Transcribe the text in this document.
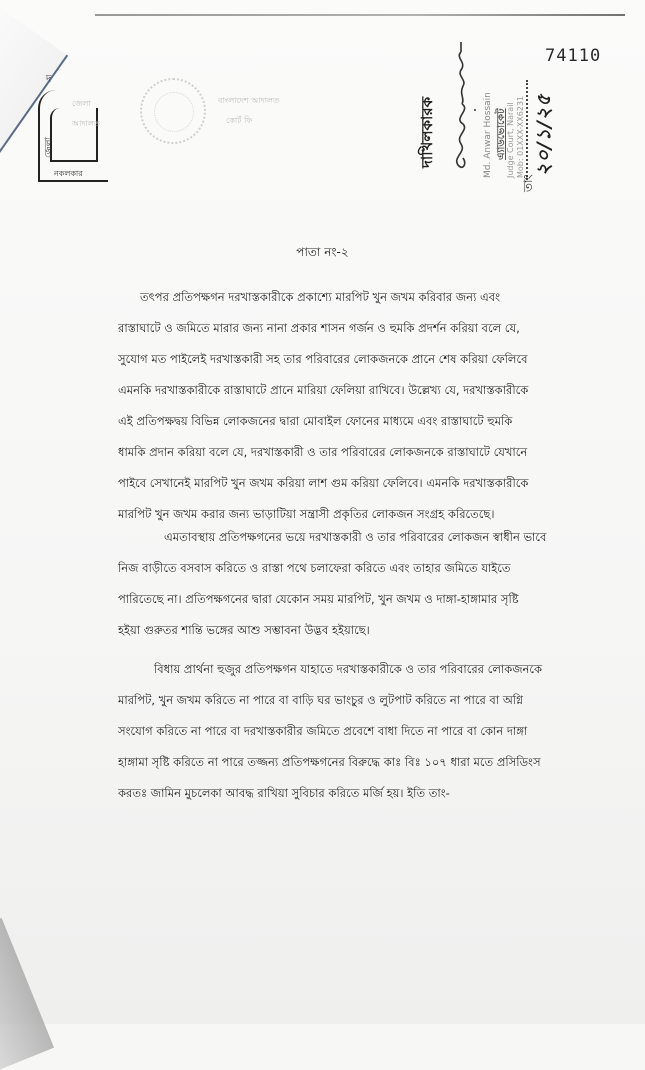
দ
জেলা
নকলকার
জেলা
আদালত
বাংলাদেশ আদালত
কোর্ট ফি	দাখিলকারক	Md. Anwar Hossain এ্যাডভোকেট Judge Court, Narail Mob: 01XXX-XX6231
তাং
২০/১/২৫
74110
পাতা নং-২
তৎপর প্রতিপক্ষগন দরখাস্তকারীকে প্রকাশ্যে মারপিট খুন জখম করিবার জন্য এবং
রাস্তাঘাটে ও জমিতে মারার জন্য নানা প্রকার শাসন গর্জন ও হুমকি প্রদর্শন করিয়া বলে যে,
সুযোগ মত পাইলেই দরখাস্তকারী সহ তার পরিবারের লোকজনকে প্রানে শেষ করিয়া ফেলিবে
এমনকি দরখাস্তকারীকে রাস্তাঘাটে প্রানে মারিয়া ফেলিয়া রাখিবে। উল্লেখ্য যে, দরখাস্তকারীকে
এই প্রতিপক্ষদ্বয় বিভিন্ন লোকজনের দ্বারা মোবাইল ফোনের মাধ্যমে এবং রাস্তাঘাটে হুমকি
ধামকি প্রদান করিয়া বলে যে, দরখাস্তকারী ও তার পরিবারের লোকজনকে রাস্তাঘাটে যেখানে
পাইবে সেখানেই মারপিট খুন জখম করিয়া লাশ গুম করিয়া ফেলিবে। এমনকি দরখাস্তকারীকে
মারপিট খুন জখম করার জন্য ভাড়াটিয়া সন্ত্রাসী প্রকৃতির লোকজন সংগ্রহ করিতেছে।
এমতাবস্থায় প্রতিপক্ষগনের ভয়ে দরখাস্তকারী ও তার পরিবারের লোকজন স্বাধীন ভাবে
নিজ বাড়ীতে বসবাস করিতে ও রাস্তা পথে চলাফেরা করিতে এবং তাহার জমিতে যাইতে
পারিতেছে না। প্রতিপক্ষগনের দ্বারা যেকোন সময় মারপিট, খুন জখম ও দাঙ্গা-হাঙ্গামার সৃষ্টি
হইয়া গুরুতর শান্তি ভঙ্গের আশু সম্ভাবনা উদ্ভব হইয়াছে।
বিধায় প্রার্থনা হুজুর প্রতিপক্ষগন যাহাতে দরখাস্তকারীকে ও তার পরিবারের লোকজনকে
মারপিট, খুন জখম করিতে না পারে বা বাড়ি ঘর ভাংচুর ও লুটপাট করিতে না পারে বা অগ্নি
সংযোগ করিতে না পারে বা দরখাস্তকারীর জমিতে প্রবেশে বাধা দিতে না পারে বা কোন দাঙ্গা
হাঙ্গামা সৃষ্টি করিতে না পারে তজ্জন্য প্রতিপক্ষগনের বিরুদ্ধে কাঃ বিঃ ১০৭ ধারা মতে প্রসিডিংস
করতঃ জামিন মুচলেকা আবদ্ধ রাখিয়া সুবিচার করিতে মর্জি হয়। ইতি তাং-
